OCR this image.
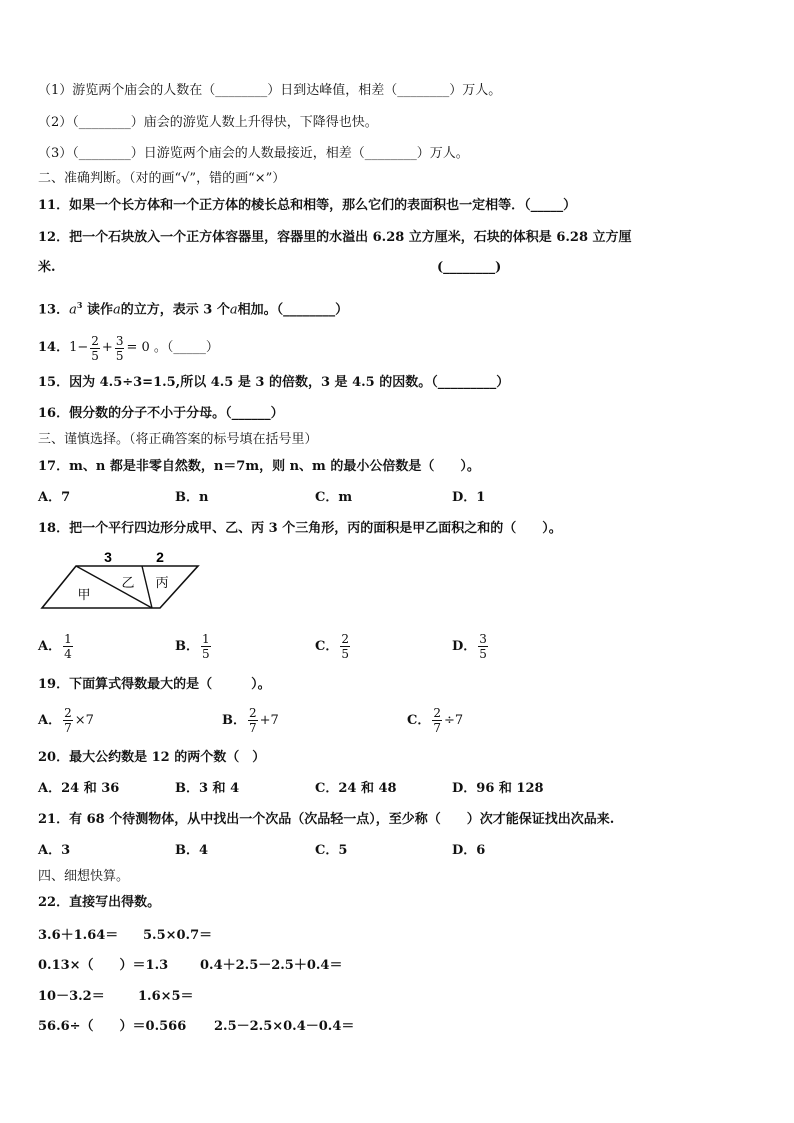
（1）游览两个庙会的人数在（________）日到达峰值，相差（________）万人。
（2）（________）庙会的游览人数上升得快，下降得也快。
（3）（________）日游览两个庙会的人数最接近，相差（________）万人。
二、准确判断。（对的画“√”，错的画“×”）
11．如果一个长方体和一个正方体的棱长总和相等，那么它们的表面积也一定相等．（_____）
12．把一个石块放入一个正方体容器里，容器里的水溢出 6.28 立方厘米，石块的体积是 6.28 立方厘
米.	(________)
13．$a^3$ 读作a的立方，表示 3 个a相加。（________）
14． $1- \frac{2}{5} + \frac{3}{5} = 0$ 。（_____）
15．因为 4.5÷3=1.5,所以 4.5 是 3 的倍数，3 是 4.5 的因数。（_________）
16．假分数的分子不小于分母。（______）
三、谨慎选择。（将正确答案的标号填在括号里）
17．m、n 都是非零自然数，n＝7m，则 n、m 的最小公倍数是（　　）。
A．7	B．n	C．m	D．1
18．把一个平行四边形分成甲、乙、丙 3 个三角形，丙的面积是甲乙面积之和的（　　）。
3	2
甲
乙 丙
A． $\frac{1}{4}$	B． $\frac{1}{5}$	C． $\frac{2}{5}$	D． $\frac{3}{5}$
19．下面算式得数最大的是（　　　）。
A． $\frac{2}{7} \times 7$	B． $\frac{2}{7} +7$	C． $\frac{2}{7} \div 7$
20．最大公约数是 12 的两个数（　）
A．24 和 36	B．3 和 4	C．24 和 48	D．96 和 128
21．有 68 个待测物体，从中找出一个次品（次品轻一点），至少称（　　）次才能保证找出次品来.
A．3	B．4	C．5	D．6
四、细想快算。
22．直接写出得数。
3.6＋1.64＝ 5.5×0.7＝
0.13×（　　）＝1.3 0.4＋2.5－2.5＋0.4＝
10－3.2＝	1.6×5＝
56.6÷（　　）＝0.566 2.5－2.5×0.4－0.4＝
